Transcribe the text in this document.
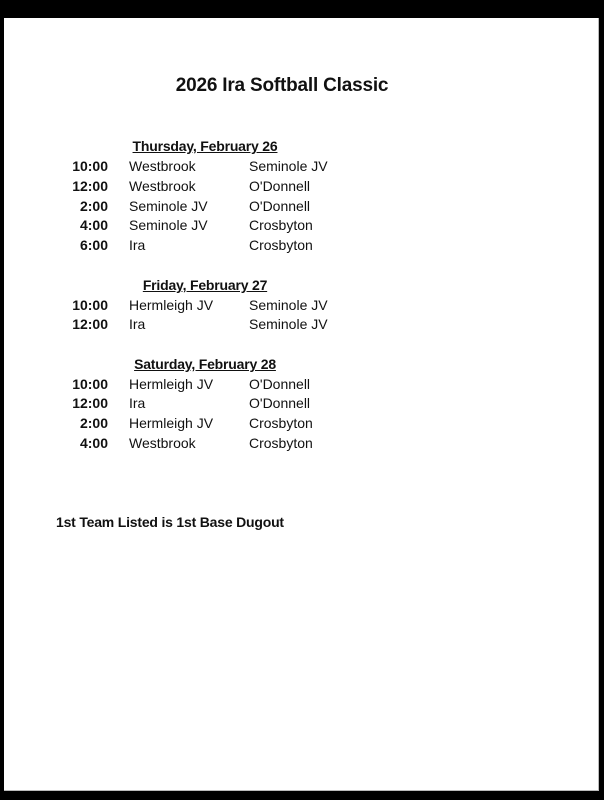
2026 Ira Softball Classic
Thursday, February 26
10:00 Westbrook	Seminole JV
12:00 Westbrook	O'Donnell
2:00 Seminole JV	O'Donnell
4:00 Seminole JV	Crosbyton
6:00 Ira	Crosbyton
Friday, February 27
10:00 Hermleigh JV	Seminole JV
12:00 Ira	Seminole JV
Saturday, February 28
10:00 Hermleigh JV	O'Donnell
12:00 Ira	O'Donnell
2:00 Hermleigh JV	Crosbyton
4:00 Westbrook	Crosbyton
1st Team Listed is 1st Base Dugout
